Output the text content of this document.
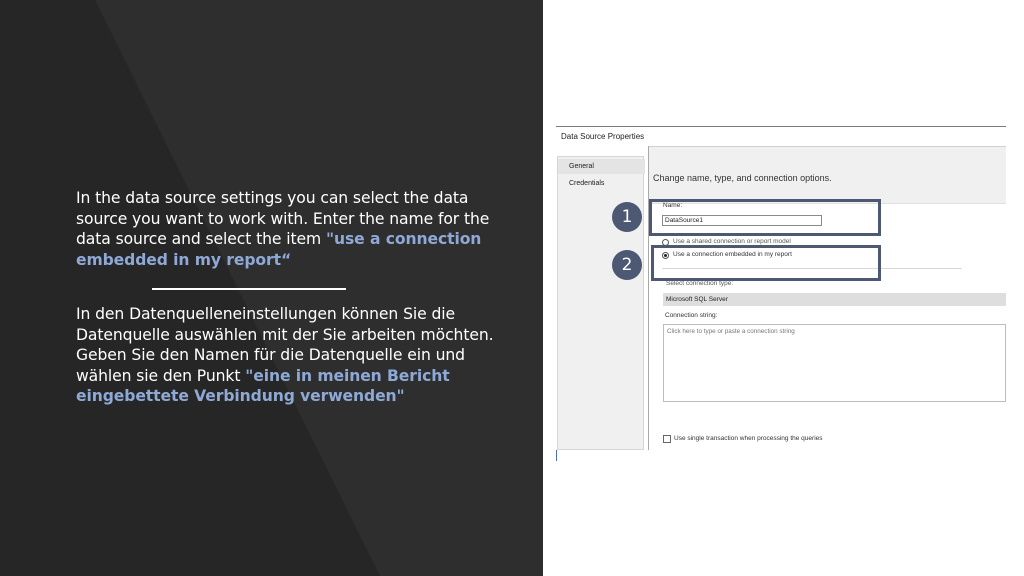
In the data source settings you can select the data source you want to work with. Enter the name for the data source and select the item "use a connection embedded in my report“
In den Datenquelleneinstellungen können Sie die Datenquelle auswählen mit der Sie arbeiten möchten. Geben Sie den Namen für die Datenquelle ein und wählen sie den Punkt "eine in meinen Bericht eingebettete Verbindung verwenden"
Data Source Properties
General
Credentials
Change name, type, and connection options.
Name:
DataSource1
Use a shared connection or report model
Use a connection embedded in my report
Select connection type:
Microsoft SQL Server
Connection string:
Click here to type or paste a connection string
Use single transaction when processing the queries
1
2
